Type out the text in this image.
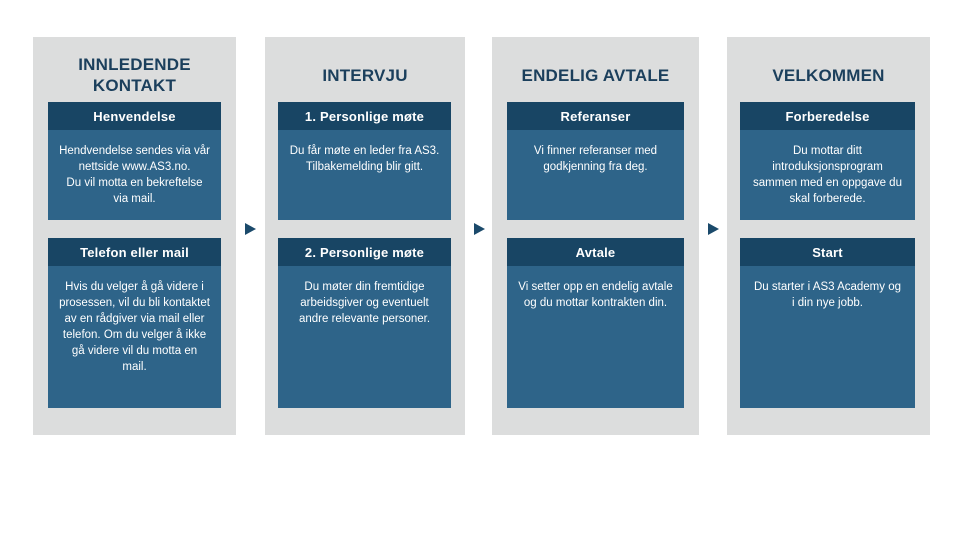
INNLEDENDE
KONTAKT
Henvendelse
Hendvendelse sendes via vår
nettside www.AS3.no.
Du vil motta en bekreftelse
via mail.
Telefon eller mail
Hvis du velger å gå videre i
prosessen, vil du bli kontaktet
av en rådgiver via mail eller
telefon. Om du velger å ikke
gå videre vil du motta en
mail.
INTERVJU
1. Personlige møte
Du får møte en leder fra AS3.
Tilbakemelding blir gitt.
2. Personlige møte
Du møter din fremtidige
arbeidsgiver og eventuelt
andre relevante personer.
ENDELIG AVTALE
Referanser
Vi finner referanser med
godkjenning fra deg.
Avtale
Vi setter opp en endelig avtale
og du mottar kontrakten din.
VELKOMMEN
Forberedelse
Du mottar ditt
introduksjonsprogram
sammen med en oppgave du
skal forberede.
Start
Du starter i AS3 Academy og
i din nye jobb.
